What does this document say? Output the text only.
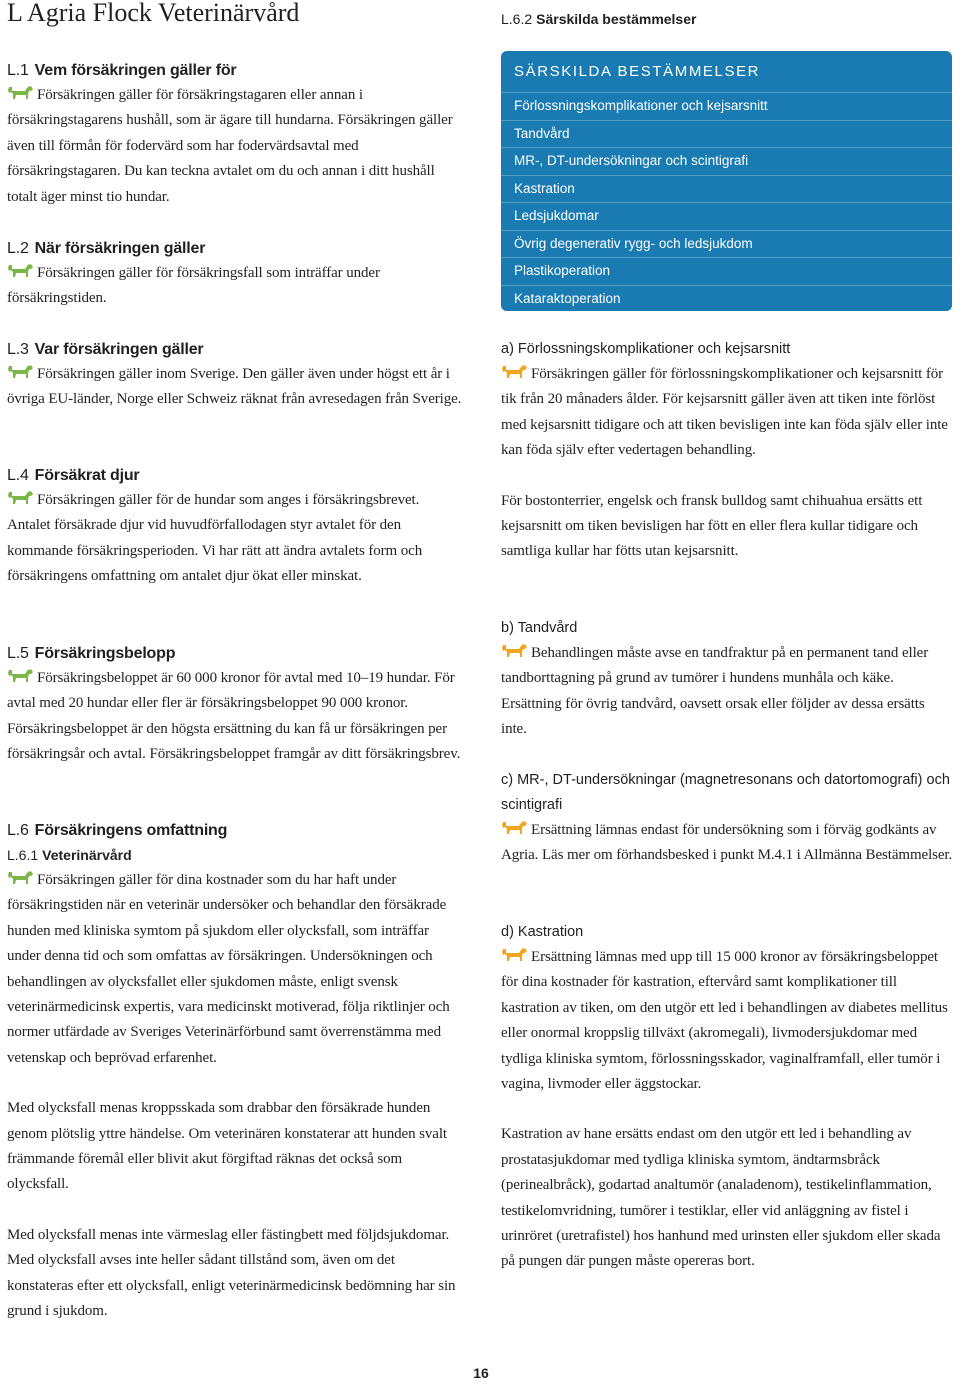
L Agria Flock Veterinärvård
L.1 Vem försäkringen gäller för

Försäkringen gäller för försäkringstagaren eller annan i försäkringstagarens hushåll, som är ägare till hundarna. Försäkringen gäller även till förmån för fodervärd som har fodervärdsavtal med försäkringstagaren. Du kan teckna avtalet om du och annan i ditt hushåll totalt äger minst tio hundar.

L.2 När försäkringen gäller

Försäkringen gäller för försäkringsfall som inträffar under försäkringstiden.

L.3 Var försäkringen gäller

Försäkringen gäller inom Sverige. Den gäller även under högst ett år i övriga EU-länder, Norge eller Schweiz räknat från avresedagen från Sverige.

L.4 Försäkrat djur

Försäkringen gäller för de hundar som anges i försäkringsbrevet. Antalet försäkrade djur vid huvudförfallodagen styr avtalet för den kommande försäkringsperioden. Vi har rätt att ändra avtalets form och försäkringens omfattning om antalet djur ökat eller minskat.

L.5 Försäkringsbelopp

Försäkringsbeloppet är 60 000 kronor för avtal med 10–19 hundar. För avtal med 20 hundar eller fler är försäkringsbeloppet 90 000 kronor. Försäkringsbeloppet är den högsta ersättning du kan få ur försäkringen per försäkringsår och avtal. Försäkringsbeloppet framgår av ditt försäkringsbrev.

L.6 Försäkringens omfattning
L.6.1 Veterinärvård

Försäkringen gäller för dina kostnader som du har haft under försäkringstiden när en veterinär undersöker och behandlar den försäkrade hunden med kliniska symtom på sjukdom eller olycksfall, som inträffar under denna tid och som omfattas av försäkringen. Undersökningen och behandlingen av olycksfallet eller sjukdomen måste, enligt svensk veterinärmedicinsk expertis, vara medicinskt motiverad, följa riktlinjer och normer utfärdade av Sveriges Veterinärförbund samt överrenstämma med vetenskap och beprövad erfarenhet.

Med olycksfall menas kroppsskada som drabbar den försäkrade hunden genom plötslig yttre händelse. Om veterinären konstaterar att hunden svalt främmande föremål eller blivit akut förgiftad räknas det också som olycksfall.

Med olycksfall menas inte värmeslag eller fästingbett med följdsjukdomar. Med olycksfall avses inte heller sådant tillstånd som, även om det konstateras efter ett olycksfall, enligt veterinärmedicinsk bedömning har sin grund i sjukdom.

L.6.2 Särskilda bestämmelser
SÄRSKILDA BESTÄMMELSER
Förlossningskomplikationer och kejsarsnitt
Tandvård
MR-, DT-undersökningar och scintigrafi
Kastration
Ledsjukdomar
Övrig degenerativ rygg- och ledsjukdom
Plastikoperation
Kataraktoperation
a) Förlossningskomplikationer och kejsarsnitt

Försäkringen gäller för förlossningskomplikationer och kejsarsnitt för tik från 20 månaders ålder. För kejsarsnitt gäller även att tiken inte förlöst med kejsarsnitt tidigare och att tiken bevisligen inte kan föda själv eller inte kan föda själv efter vedertagen behandling.

För bostonterrier, engelsk och fransk bulldog samt chihuahua ersätts ett kejsarsnitt om tiken bevisligen har fött en eller flera kullar tidigare och samtliga kullar har fötts utan kejsarsnitt.

b) Tandvård

Behandlingen måste avse en tandfraktur på en permanent tand eller tandborttagning på grund av tumörer i hundens munhåla och käke. Ersättning för övrig tandvård, oavsett orsak eller följder av dessa ersätts inte.

c) MR-, DT-undersökningar (magnetresonans och datortomografi) och scintigrafi

Ersättning lämnas endast för undersökning som i förväg godkänts av Agria. Läs mer om förhandsbesked i punkt M.4.1 i Allmänna Bestämmelser.

d) Kastration

Ersättning lämnas med upp till 15 000 kronor av försäkringsbeloppet för dina kostnader för kastration, eftervård samt komplikationer till kastration av tiken, om den utgör ett led i behandlingen av diabetes mellitus eller onormal kroppslig tillväxt (akromegali), livmodersjukdomar med tydliga kliniska symtom, förlossningsskador, vaginalframfall, eller tumör i vagina, livmoder eller äggstockar.

Kastration av hane ersätts endast om den utgör ett led i behandling av prostatasjukdomar med tydliga kliniska symtom, ändtarmsbråck (perinealbråck), godartad analtumör (analadenom), testikelinflammation, testikelomvridning, tumörer i testiklar, eller vid anläggning av fistel i urinröret (uretrafistel) hos hanhund med urinsten eller sjukdom eller skada på pungen där pungen måste opereras bort.

16
